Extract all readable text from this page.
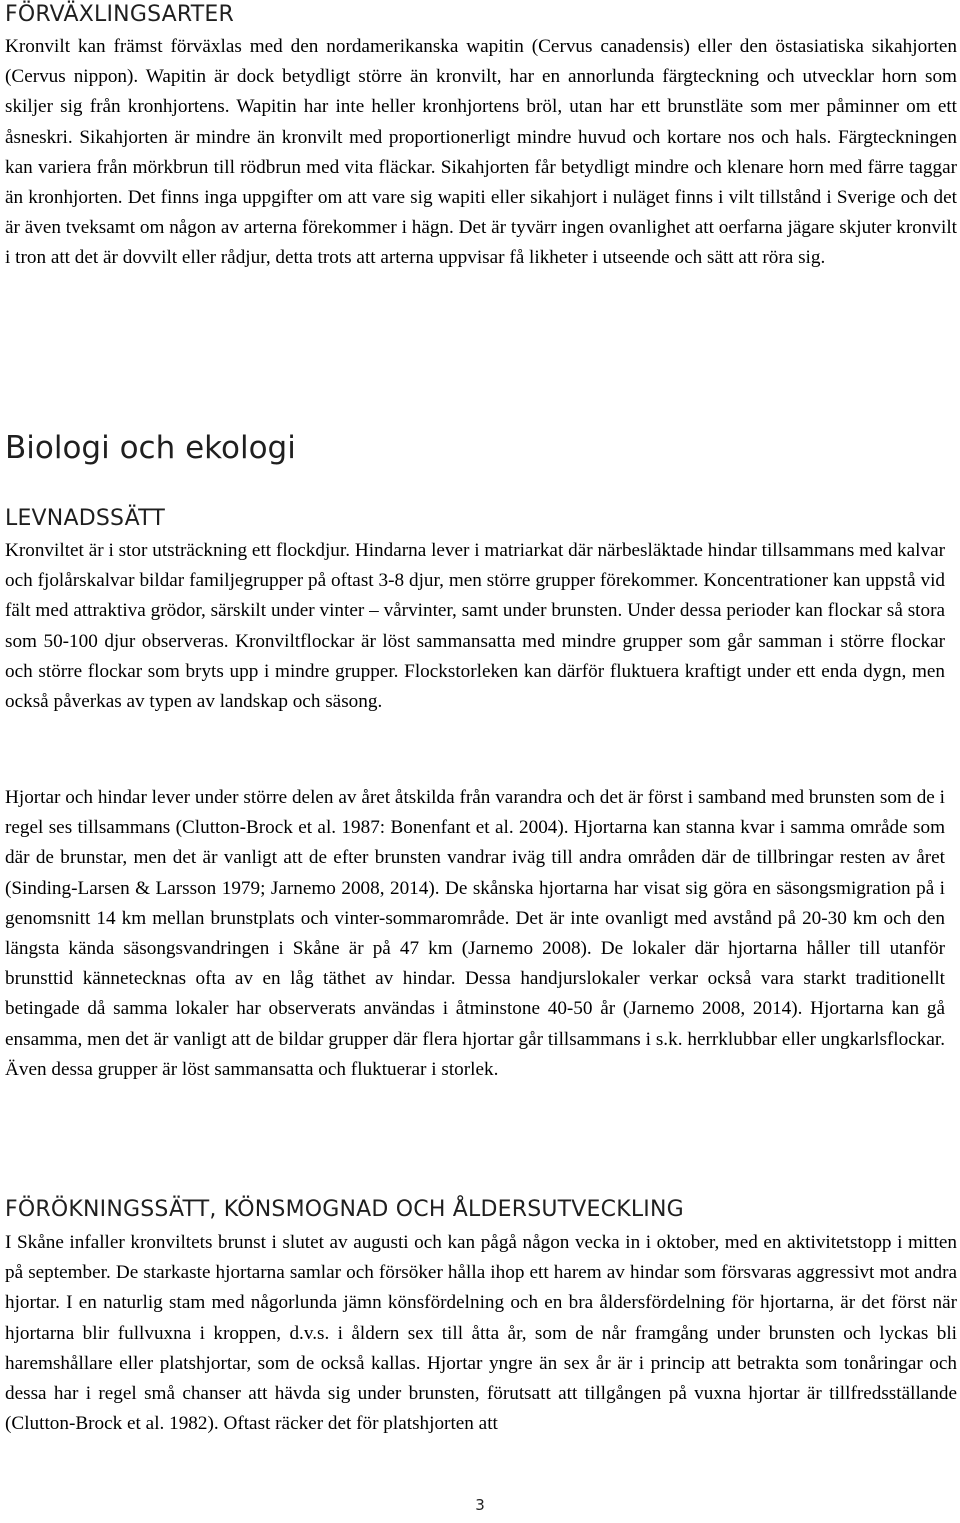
FÖRVÄXLINGSARTER

Kronvilt kan främst förväxlas med den nordamerikanska wapitin (Cervus canadensis) eller den östasiatiska sikahjorten (Cervus nippon). Wapitin är dock betydligt större än kronvilt, har en annorlunda färgteckning och utvecklar horn som skiljer sig från kronhjortens. Wapitin har inte heller kronhjortens bröl, utan har ett brunstläte som mer påminner om ett åsneskri. Sikahjorten är mindre än kronvilt med proportionerligt mindre huvud och kortare nos och hals. Färgteckningen kan variera från mörkbrun till rödbrun med vita fläckar. Sikahjorten får betydligt mindre och klenare horn med färre taggar än kronhjorten. Det finns inga uppgifter om att vare sig wapiti eller sikahjort i nuläget finns i vilt tillstånd i Sverige och det är även tveksamt om någon av arterna förekommer i hägn. Det är tyvärr ingen ovanlighet att oerfarna jägare skjuter kronvilt i tron att det är dovvilt eller rådjur, detta trots att arterna uppvisar få likheter i utseende och sätt att röra sig.

Biologi och ekologi
LEVNADSSÄTT

Kronviltet är i stor utsträckning ett flockdjur. Hindarna lever i matriarkat där närbesläktade hindar tillsammans med kalvar och fjolårskalvar bildar familjegrupper på oftast 3-8 djur, men större grupper förekommer. Koncentrationer kan uppstå vid fält med attraktiva grödor, särskilt under vinter – vårvinter, samt under brunsten. Under dessa perioder kan flockar så stora som 50-100 djur observeras. Kronviltflockar är löst sammansatta med mindre grupper som går samman i större flockar och större flockar som bryts upp i mindre grupper. Flockstorleken kan därför fluktuera kraftigt under ett enda dygn, men också påverkas av typen av landskap och säsong.

Hjortar och hindar lever under större delen av året åtskilda från varandra och det är först i samband med brunsten som de i regel ses tillsammans (Clutton-Brock et al. 1987: Bonenfant et al. 2004). Hjortarna kan stanna kvar i samma område som där de brunstar, men det är vanligt att de efter brunsten vandrar iväg till andra områden där de tillbringar resten av året (Sinding-Larsen & Larsson 1979; Jarnemo 2008, 2014). De skånska hjortarna har visat sig göra en säsongsmigration på i genomsnitt 14 km mellan brunstplats och vinter-sommarområde. Det är inte ovanligt med avstånd på 20-30 km och den längsta kända säsongsvandringen i Skåne är på 47 km (Jarnemo 2008). De lokaler där hjortarna håller till utanför brunsttid kännetecknas ofta av en låg täthet av hindar. Dessa handjurslokaler verkar också vara starkt traditionellt betingade då samma lokaler har observerats användas i åtminstone 40-50 år (Jarnemo 2008, 2014). Hjortarna kan gå ensamma, men det är vanligt att de bildar grupper där flera hjortar går tillsammans i s.k. herrklubbar eller ungkarlsflockar. Även dessa grupper är löst sammansatta och fluktuerar i storlek.

FÖRÖKNINGSSÄTT, KÖNSMOGNAD OCH ÅLDERSUTVECKLING

I Skåne infaller kronviltets brunst i slutet av augusti och kan pågå någon vecka in i oktober, med en aktivitetstopp i mitten på september. De starkaste hjortarna samlar och försöker hålla ihop ett harem av hindar som försvaras aggressivt mot andra hjortar. I en naturlig stam med någorlunda jämn könsfördelning och en bra åldersfördelning för hjortarna, är det först när hjortarna blir fullvuxna i kroppen, d.v.s. i åldern sex till åtta år, som de når framgång under brunsten och lyckas bli haremshållare eller platshjortar, som de också kallas. Hjortar yngre än sex år är i princip att betrakta som tonåringar och dessa har i regel små chanser att hävda sig under brunsten, förutsatt att tillgången på vuxna hjortar är tillfredsställande (Clutton-Brock et al. 1982). Oftast räcker det för platshjorten att

3
